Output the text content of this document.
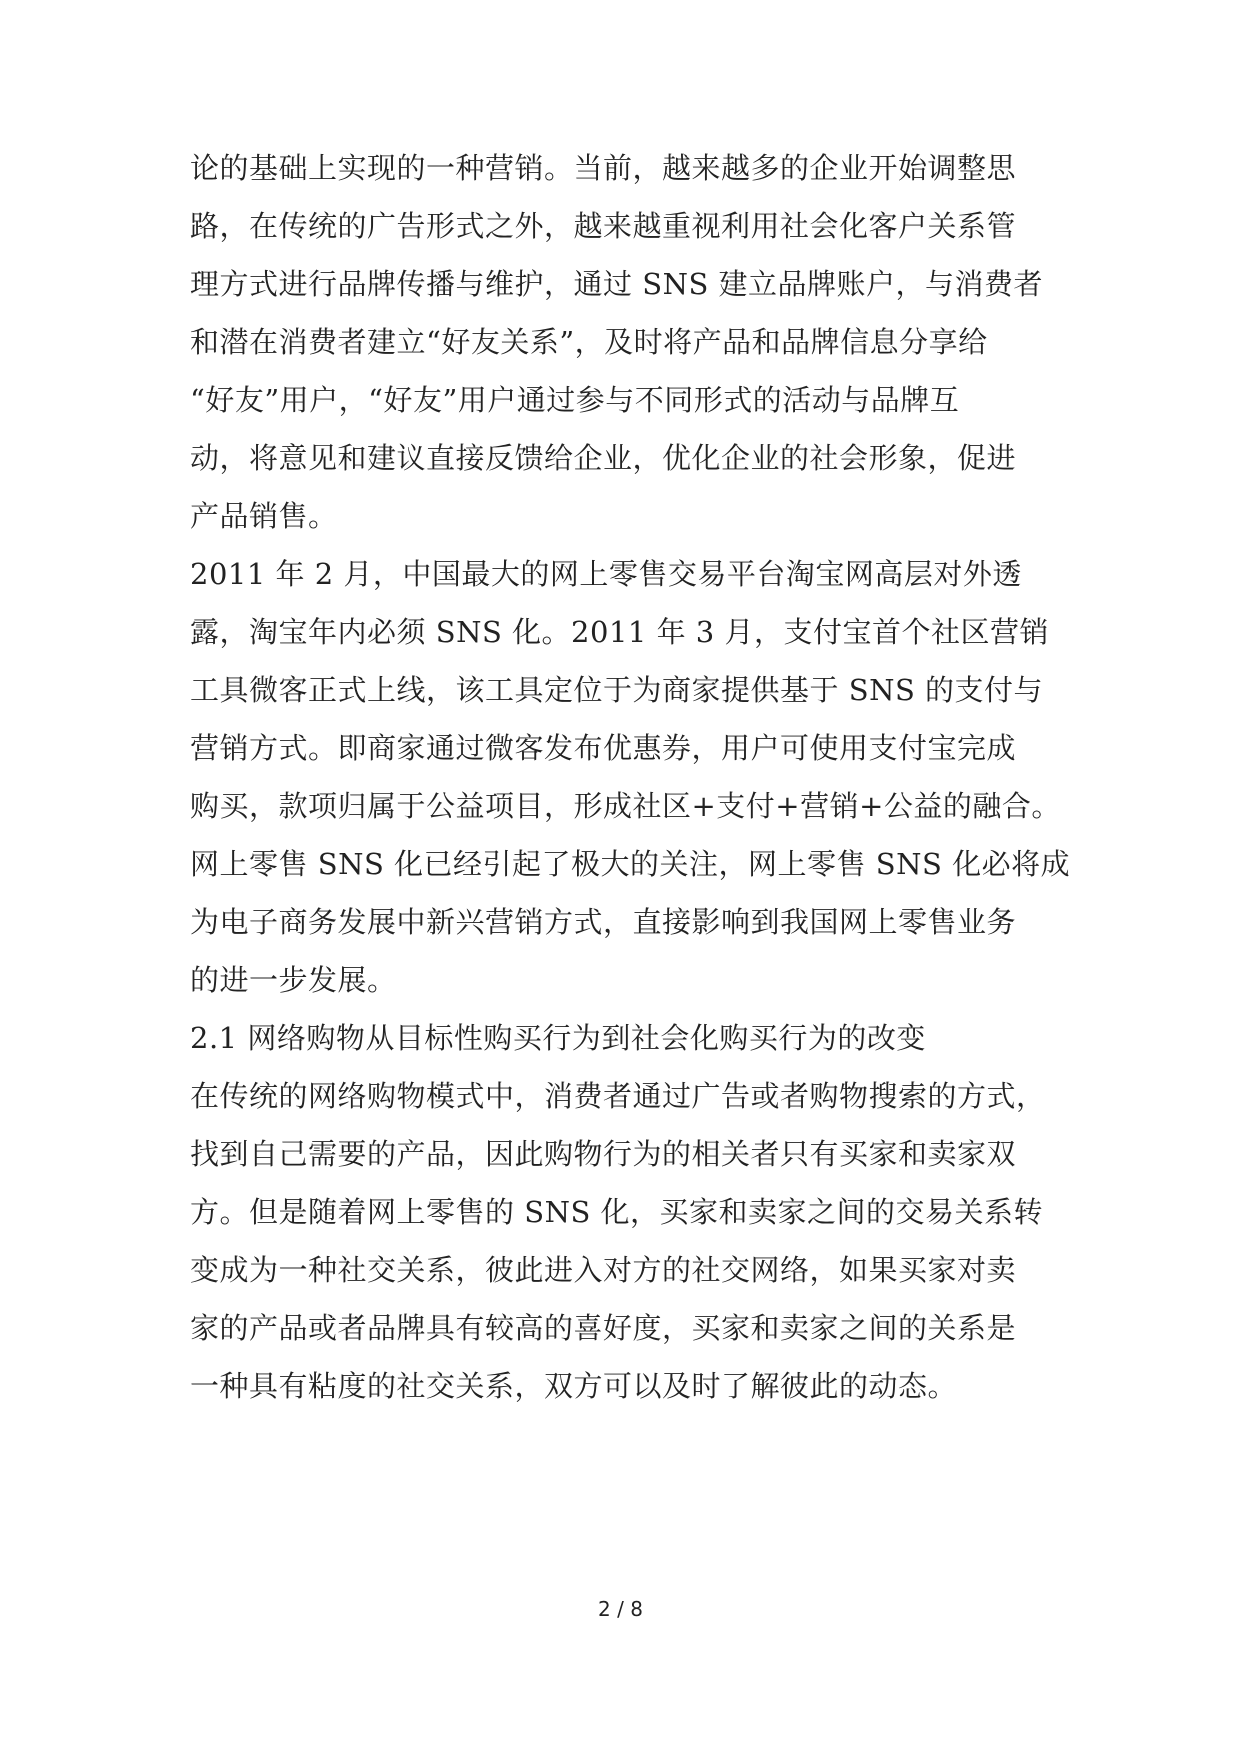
论的基础上实现的一种营销。当前，越来越多的企业开始调整思
路，在传统的广告形式之外，越来越重视利用社会化客户关系管
理方式进行品牌传播与维护，通过 SNS 建立品牌账户，与消费者
和潜在消费者建立“好友关系”，及时将产品和品牌信息分享给
“好友”用户，“好友”用户通过参与不同形式的活动与品牌互
动，将意见和建议直接反馈给企业，优化企业的社会形象，促进
产品销售。
2011 年 2 月，中国最大的网上零售交易平台淘宝网高层对外透
露，淘宝年内必须 SNS 化。2011 年 3 月，支付宝首个社区营销
工具微客正式上线，该工具定位于为商家提供基于 SNS 的支付与
营销方式。即商家通过微客发布优惠券，用户可使用支付宝完成
购买，款项归属于公益项目，形成社区+支付+营销+公益的融合。
网上零售 SNS 化已经引起了极大的关注，网上零售 SNS 化必将成
为电子商务发展中新兴营销方式，直接影响到我国网上零售业务
的进一步发展。
2.1 网络购物从目标性购买行为到社会化购买行为的改变
在传统的网络购物模式中，消费者通过广告或者购物搜索的方式，
找到自己需要的产品，因此购物行为的相关者只有买家和卖家双
方。但是随着网上零售的 SNS 化，买家和卖家之间的交易关系转
变成为一种社交关系，彼此进入对方的社交网络，如果买家对卖
家的产品或者品牌具有较高的喜好度，买家和卖家之间的关系是
一种具有粘度的社交关系，双方可以及时了解彼此的动态。
2 / 8
